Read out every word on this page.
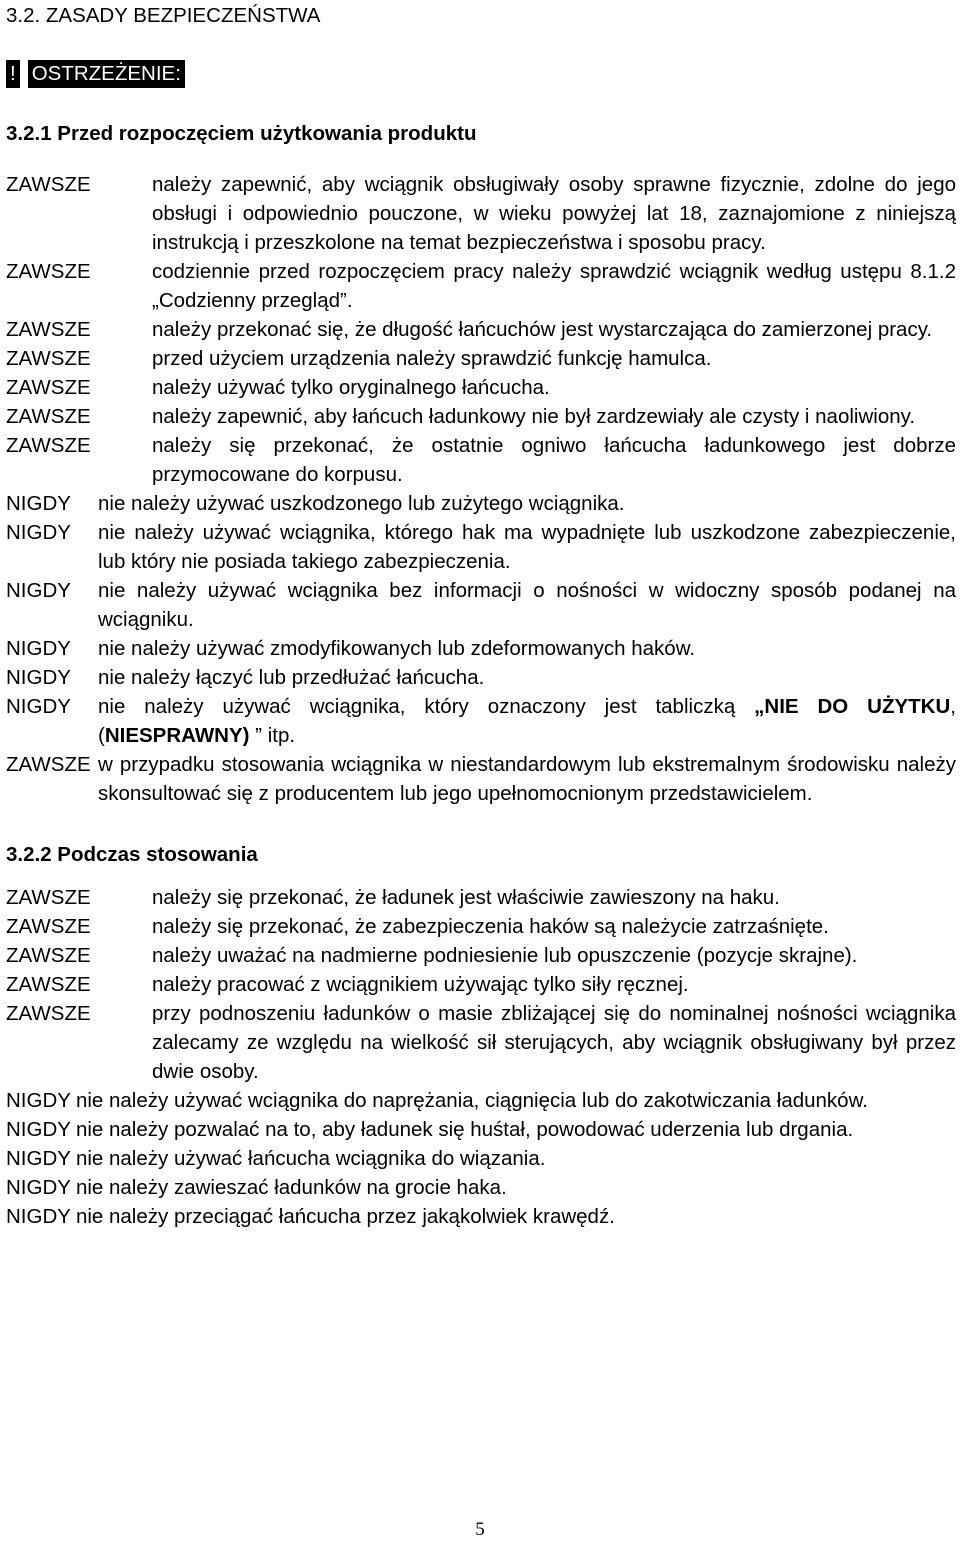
3.2. ZASADY BEZPIECZEŃSTWA
! OSTRZEŻENIE:
3.2.1 Przed rozpoczęciem użytkowania produktu
ZAWSZE	należy zapewnić, aby wciągnik obsługiwały osoby sprawne fizycznie, zdolne do jego obsługi i odpowiednio pouczone, w wieku powyżej lat 18, zaznajomione z niniejszą instrukcją i przeszkolone na temat bezpieczeństwa i sposobu pracy.
ZAWSZE	codziennie przed rozpoczęciem pracy należy sprawdzić wciągnik według ustępu 8.1.2 „Codzienny przegląd”.
ZAWSZE	należy przekonać się, że długość łańcuchów jest wystarczająca do zamierzonej pracy.
ZAWSZE	przed użyciem urządzenia należy sprawdzić funkcję hamulca.
ZAWSZE	należy używać tylko oryginalnego łańcucha.
ZAWSZE	należy zapewnić, aby łańcuch ładunkowy nie był zardzewiały ale czysty i naoliwiony.
ZAWSZE	należy się przekonać, że ostatnie ogniwo łańcucha ładunkowego jest dobrze przymocowane do korpusu.
NIGDY	nie należy używać uszkodzonego lub zużytego wciągnika.
NIGDY	nie należy używać wciągnika, którego hak ma wypadnięte lub uszkodzone zabezpieczenie, lub który nie posiada takiego zabezpieczenia.
NIGDY	nie należy używać wciągnika bez informacji o nośności w widoczny sposób podanej na wciągniku.
NIGDY	nie należy używać zmodyfikowanych lub zdeformowanych haków.
NIGDY	nie należy łączyć lub przedłużać łańcucha.
NIGDY	nie należy używać wciągnika, który oznaczony jest tabliczką „NIE DO UŻYTKU, (NIESPRAWNY) ” itp.
ZAWSZE w przypadku stosowania wciągnika w niestandardowym lub ekstremalnym środowisku należy skonsultować się z producentem lub jego upełnomocnionym przedstawicielem.
3.2.2 Podczas stosowania
ZAWSZE	należy się przekonać, że ładunek jest właściwie zawieszony na haku.
ZAWSZE	należy się przekonać, że zabezpieczenia haków są należycie zatrzaśnięte.
ZAWSZE	należy uważać na nadmierne podniesienie lub opuszczenie (pozycje skrajne).
ZAWSZE	należy pracować z wciągnikiem używając tylko siły ręcznej.
ZAWSZE	przy podnoszeniu ładunków o masie zbliżającej się do nominalnej nośności wciągnika zalecamy ze względu na wielkość sił sterujących, aby wciągnik obsługiwany był przez dwie osoby.
NIGDY nie należy używać wciągnika do naprężania, ciągnięcia lub do zakotwiczania ładunków.
NIGDY nie należy pozwalać na to, aby ładunek się huśtał, powodować uderzenia lub drgania.
NIGDY nie należy używać łańcucha wciągnika do wiązania.
NIGDY nie należy zawieszać ładunków na grocie haka.
NIGDY nie należy przeciągać łańcucha przez jakąkolwiek krawędź.
5
